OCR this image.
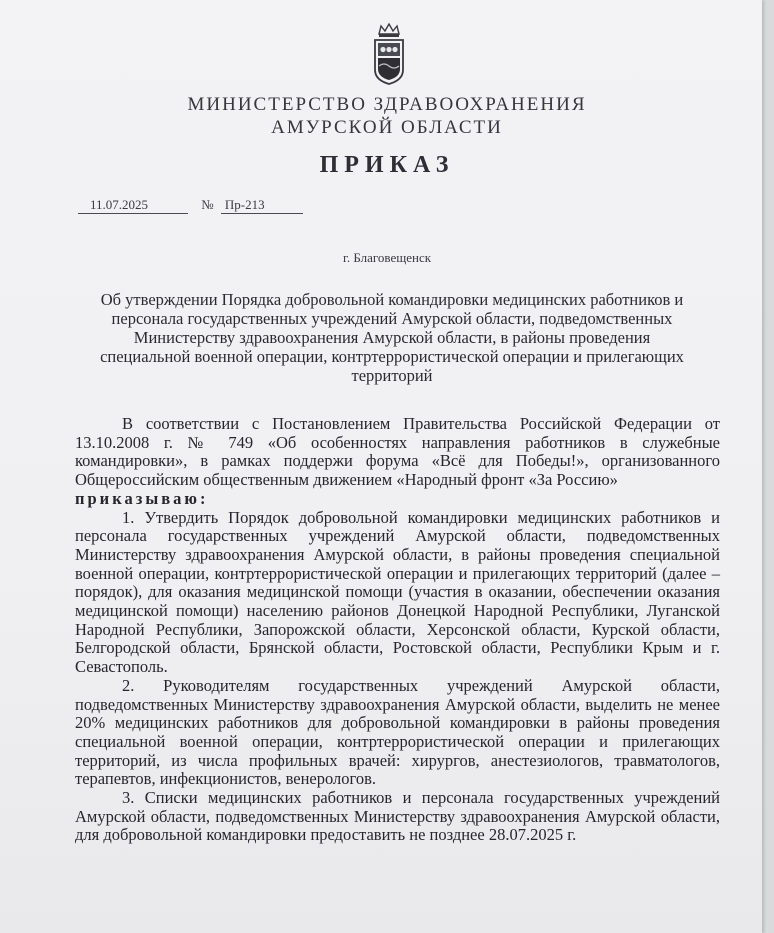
МИНИСТЕРСТВО ЗДРАВООХРАНЕНИЯ
АМУРСКОЙ ОБЛАСТИ
ПРИКАЗ
11.07.2025	№ Пр-213
г. Благовещенск
Об утверждении Порядка добровольной командировки медицинских работников и персонала государственных учреждений Амурской области, подведомственных Министерству здравоохранения Амурской области, в районы проведения специальной военной операции, контртеррористической операции и прилегающих территорий

В соответствии с Постановлением Правительства Российской Федерации от 13.10.2008 г. № 749 «Об особенностях направления работников в служебные командировки», в рамках поддержи форума «Всё для Победы!», организованного Общероссийским общественным движением «Народный фронт «За Россию»

приказываю:

1. Утвердить Порядок добровольной командировки медицинских работников и персонала государственных учреждений Амурской области, подведомственных Министерству здравоохранения Амурской области, в районы проведения специальной военной операции, контртеррористической операции и прилегающих территорий (далее – порядок), для оказания медицинской помощи (участия в оказании, обеспечении оказания медицинской помощи) населению районов Донецкой Народной Республики, Луганской Народной Республики, Запорожской области, Херсонской области, Курской области, Белгородской области, Брянской области, Ростовской области, Республики Крым и г. Севастополь.

2. Руководителям государственных учреждений Амурской области, подведомственных Министерству здравоохранения Амурской области, выделить не менее 20% медицинских работников для добровольной командировки в районы проведения специальной военной операции, контртеррористической операции и прилегающих территорий, из числа профильных врачей: хирургов, анестезиологов, травматологов, терапевтов, инфекционистов, венерологов.

3. Списки медицинских работников и персонала государственных учреждений Амурской области, подведомственных Министерству здравоохранения Амурской области, для добровольной командировки предоставить не позднее 28.07.2025 г.
